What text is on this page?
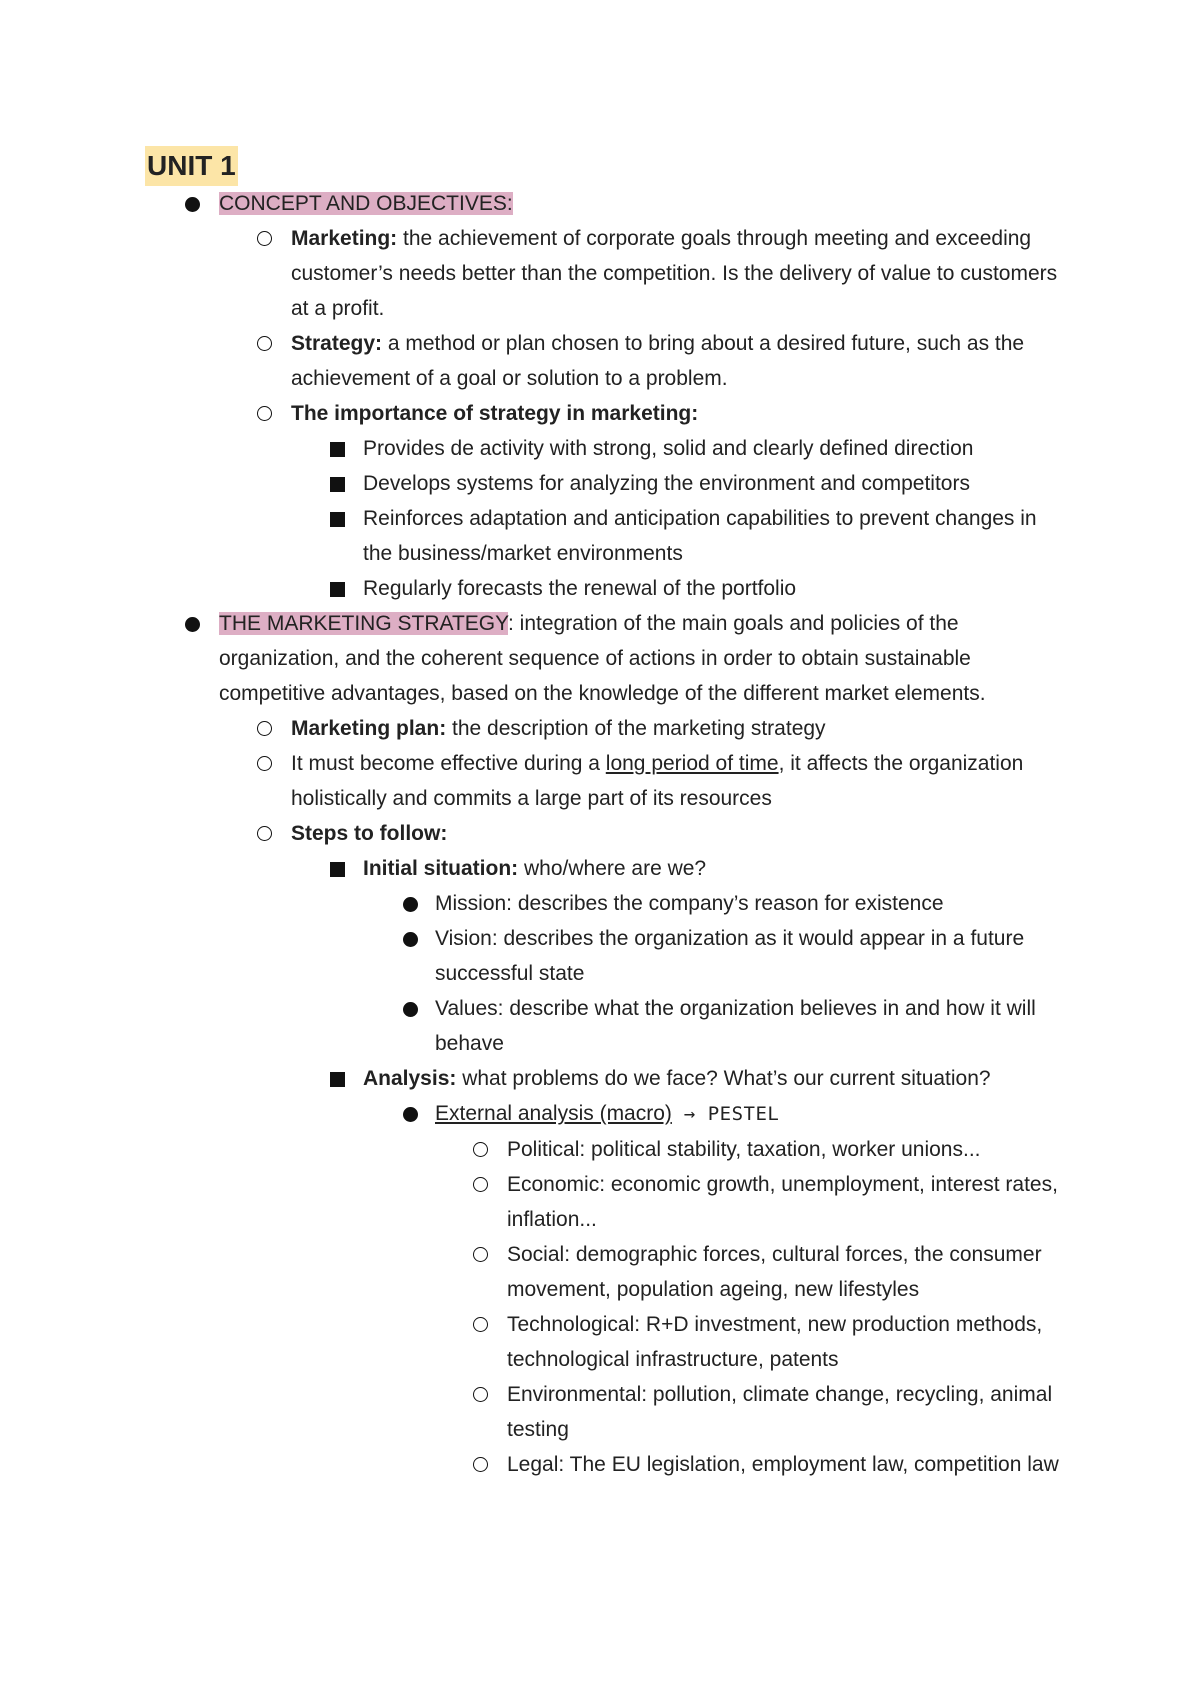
UNIT 1
CONCEPT AND OBJECTIVES:
Marketing: the achievement of corporate goals through meeting and exceeding customer’s needs better than the competition. Is the delivery of value to customers at a profit.
Strategy: a method or plan chosen to bring about a desired future, such as the achievement of a goal or solution to a problem.
The importance of strategy in marketing:
Provides de activity with strong, solid and clearly defined direction
Develops systems for analyzing the environment and competitors
Reinforces adaptation and anticipation capabilities to prevent changes in the business/market environments
Regularly forecasts the renewal of the portfolio
THE MARKETING STRATEGY: integration of the main goals and policies of the organization, and the coherent sequence of actions in order to obtain sustainable competitive advantages, based on the knowledge of the different market elements.
Marketing plan: the description of the marketing strategy
It must become effective during a long period of time, it affects the organization holistically and commits a large part of its resources
Steps to follow:
Initial situation: who/where are we?
Mission: describes the company’s reason for existence
Vision: describes the organization as it would appear in a future successful state
Values: describe what the organization believes in and how it will behave
Analysis: what problems do we face? What’s our current situation?
External analysis (macro) → PESTEL
Political: political stability, taxation, worker unions...
Economic: economic growth, unemployment, interest rates, inflation...
Social: demographic forces, cultural forces, the consumer movement, population ageing, new lifestyles
Technological: R+D investment, new production methods, technological infrastructure, patents
Environmental: pollution, climate change, recycling, animal testing
Legal: The EU legislation, employment law, competition law
